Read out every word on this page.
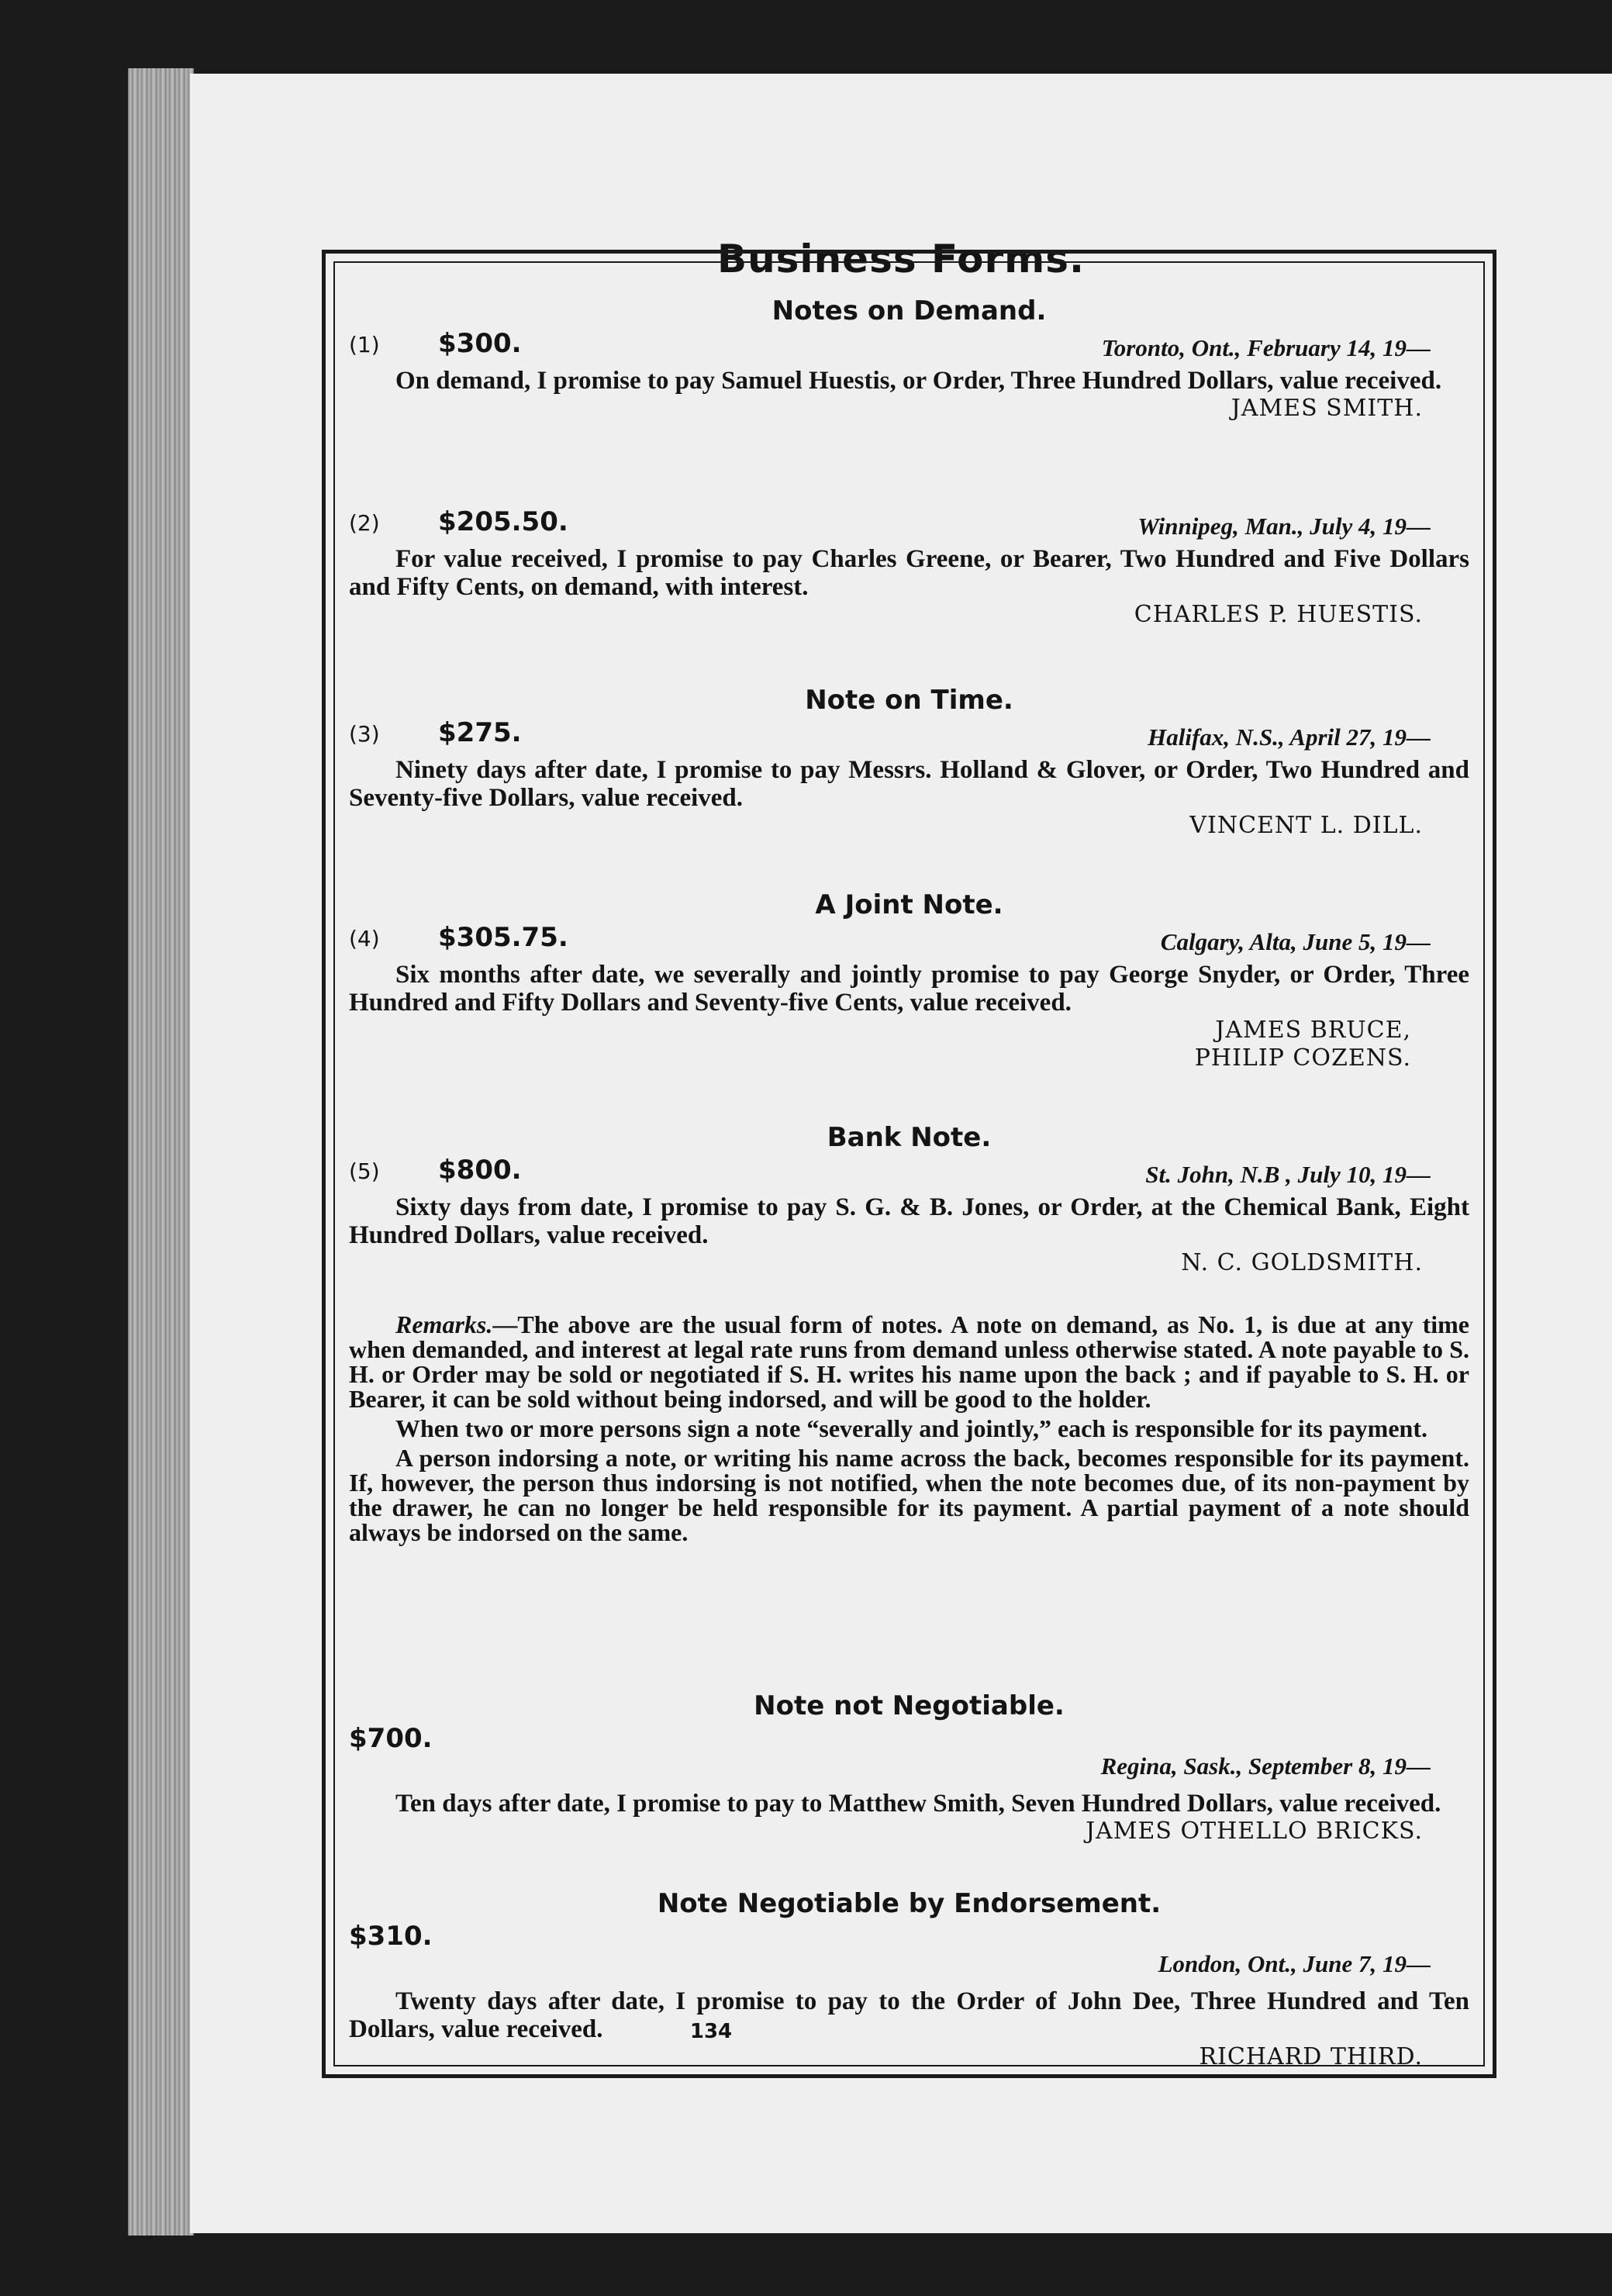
Business Forms.
Notes on Demand.
(1) $300.	Toronto, Ont., February 14, 19—

On demand, I promise to pay Samuel Huestis, or Order, Three Hundred Dollars, value received.

JAMES SMITH.
(2) $205.50.	Winnipeg, Man., July 4, 19—

For value received, I promise to pay Charles Greene, or Bearer, Two Hundred and Five Dollars and Fifty Cents, on demand, with interest.

CHARLES P. HUESTIS.
Note on Time.
(3) $275.	Halifax, N.S., April 27, 19—

Ninety days after date, I promise to pay Messrs. Holland & Glover, or Order, Two Hundred and Seventy-five Dollars, value received.

VINCENT L. DILL.
A Joint Note.
(4) $305.75.	Calgary, Alta, June 5, 19—

Six months after date, we severally and jointly promise to pay George Snyder, or Order, Three Hundred and Fifty Dollars and Seventy-five Cents, value received.

JAMES BRUCE,
PHILIP COZENS.
Bank Note.
(5) $800.	St. John, N.B , July 10, 19—

Sixty days from date, I promise to pay S. G. & B. Jones, or Order, at the Chemical Bank, Eight Hundred Dollars, value received.

N. C. GOLDSMITH.

Remarks.—The above are the usual form of notes. A note on demand, as No. 1, is due at any time when demanded, and interest at legal rate runs from demand unless otherwise stated. A note payable to S. H. or Order may be sold or negotiated if S. H. writes his name upon the back ; and if payable to S. H. or Bearer, it can be sold without being indorsed, and will be good to the holder.

When two or more persons sign a note “severally and jointly,” each is responsible for its payment.

A person indorsing a note, or writing his name across the back, becomes responsible for its payment. If, however, the person thus indorsing is not notified, when the note becomes due, of its non-payment by the drawer, he can no longer be held responsible for its payment. A partial payment of a note should always be indorsed on the same.

Note not Negotiable.
$700.
Regina, Sask., September 8, 19—

Ten days after date, I promise to pay to Matthew Smith, Seven Hundred Dollars, value received.

JAMES OTHELLO BRICKS.
Note Negotiable by Endorsement.
$310.
London, Ont., June 7, 19—

Twenty days after date, I promise to pay to the Order of John Dee, Three Hundred and Ten Dollars, value received.

RICHARD THIRD.
134
